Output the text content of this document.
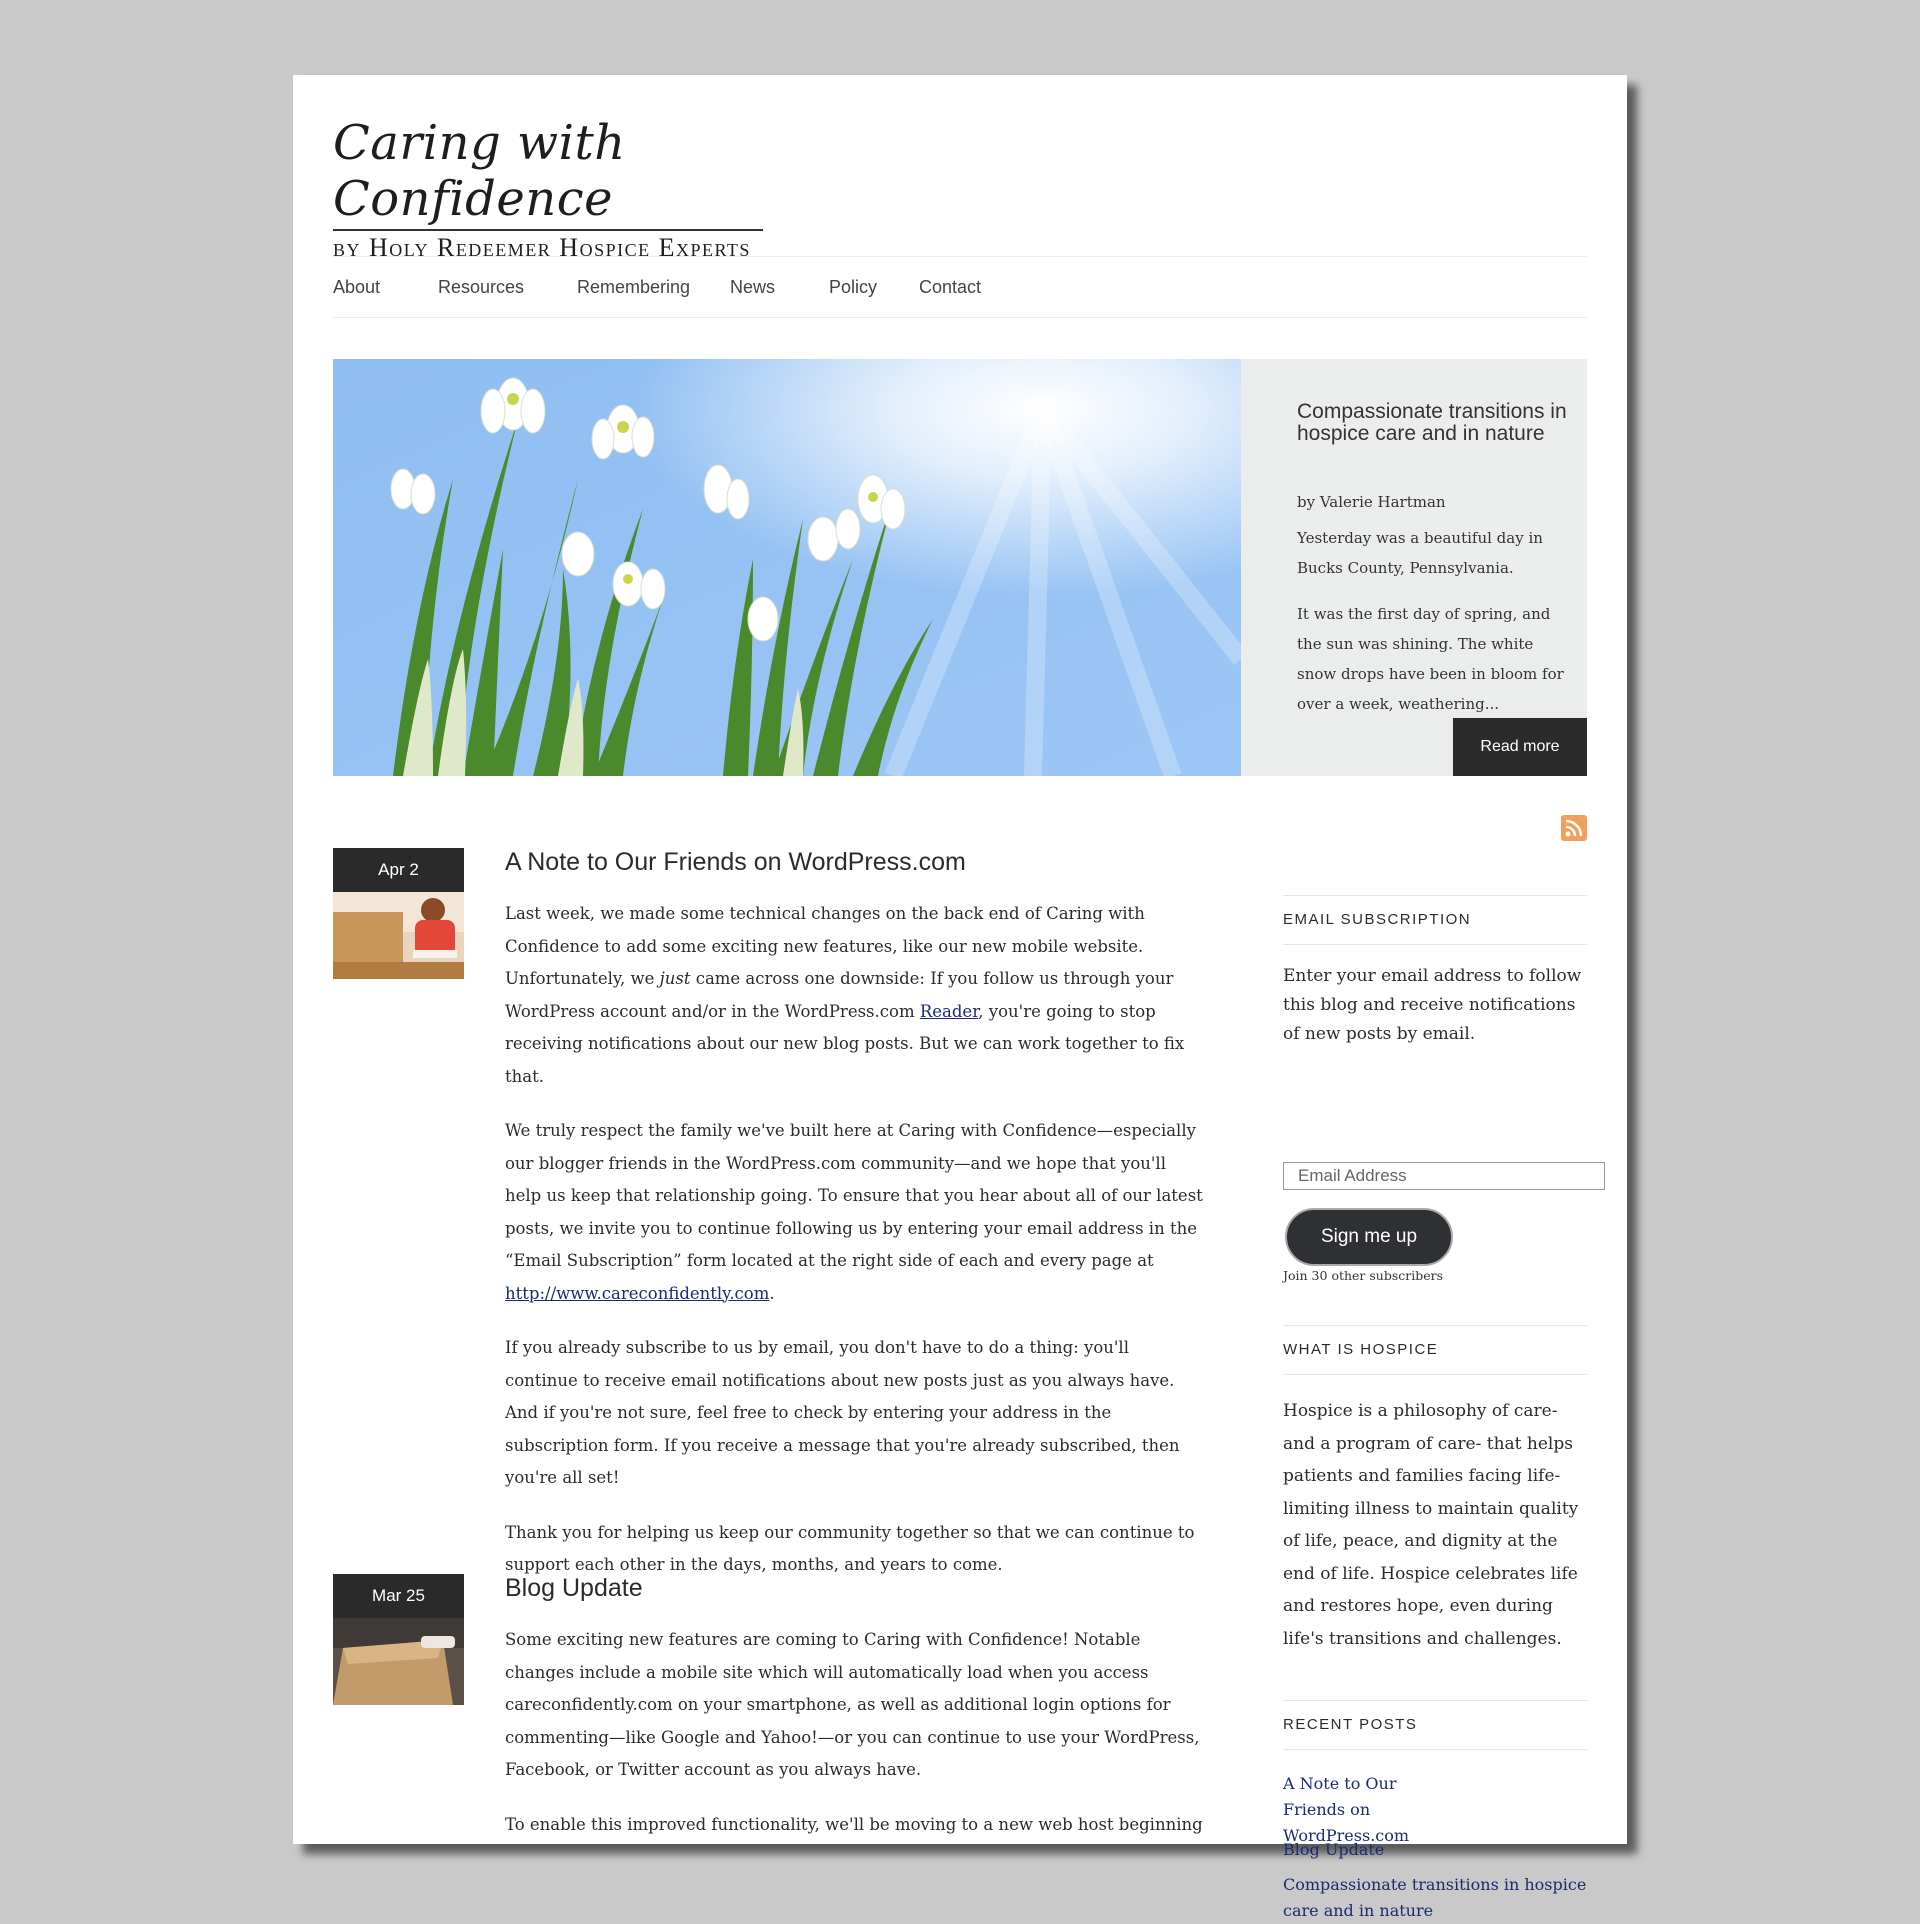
Caring with Confidence
by Holy Redeemer Hospice Experts
About	Resources	Remembering News	Policy Contact
Compassionate transitions in hospice care and in nature
by Valerie Hartman
Yesterday was a beautiful day in Bucks County, Pennsylvania.
It was the first day of spring, and the sun was shining. The white snow drops have been in bloom for over a week, weathering...
Read more
Apr 2	A Note to Our Friends on WordPress.com

Last week, we made some technical changes on the back end of Caring with Confidence to add some exciting new features, like our new mobile website. Unfortunately, we just came across one downside: If you follow us through your WordPress account and/or in the WordPress.com Reader, you're going to stop receiving notifications about our new blog posts. But we can work together to fix that.

We truly respect the family we've built here at Caring with Confidence—especially our blogger friends in the WordPress.com community—and we hope that you'll help us keep that relationship going. To ensure that you hear about all of our latest posts, we invite you to continue following us by entering your email address in the “Email Subscription” form located at the right side of each and every page at http://www.careconfidently.com.

If you already subscribe to us by email, you don't have to do a thing: you'll continue to receive email notifications about new posts just as you always have. And if you're not sure, feel free to check by entering your address in the subscription form. If you receive a message that you're already subscribed, then you're all set!

Thank you for helping us keep our community together so that we can continue to support each other in the days, months, and years to come.

Mar 25	Blog Update

Some exciting new features are coming to Caring with Confidence! Notable changes include a mobile site which will automatically load when you access careconfidently.com on your smartphone, as well as additional login options for commenting—like Google and Yahoo!—or you can continue to use your WordPress, Facebook, or Twitter account as you always have.

To enable this improved functionality, we'll be moving to a new web host beginning

EMAIL SUBSCRIPTION
Enter your email address to follow this blog and receive notifications of new posts by email.
Email Address
Sign me up
Join 30 other subscribers
WHAT IS HOSPICE
Hospice is a philosophy of care- and a program of care- that helps patients and families facing life-limiting illness to maintain quality of life, peace, and dignity at the end of life. Hospice celebrates life and restores hope, even during life's transitions and challenges.
RECENT POSTS
A Note to Our Friends on WordPress.com
Blog Update
Compassionate transitions in hospice care and in nature
